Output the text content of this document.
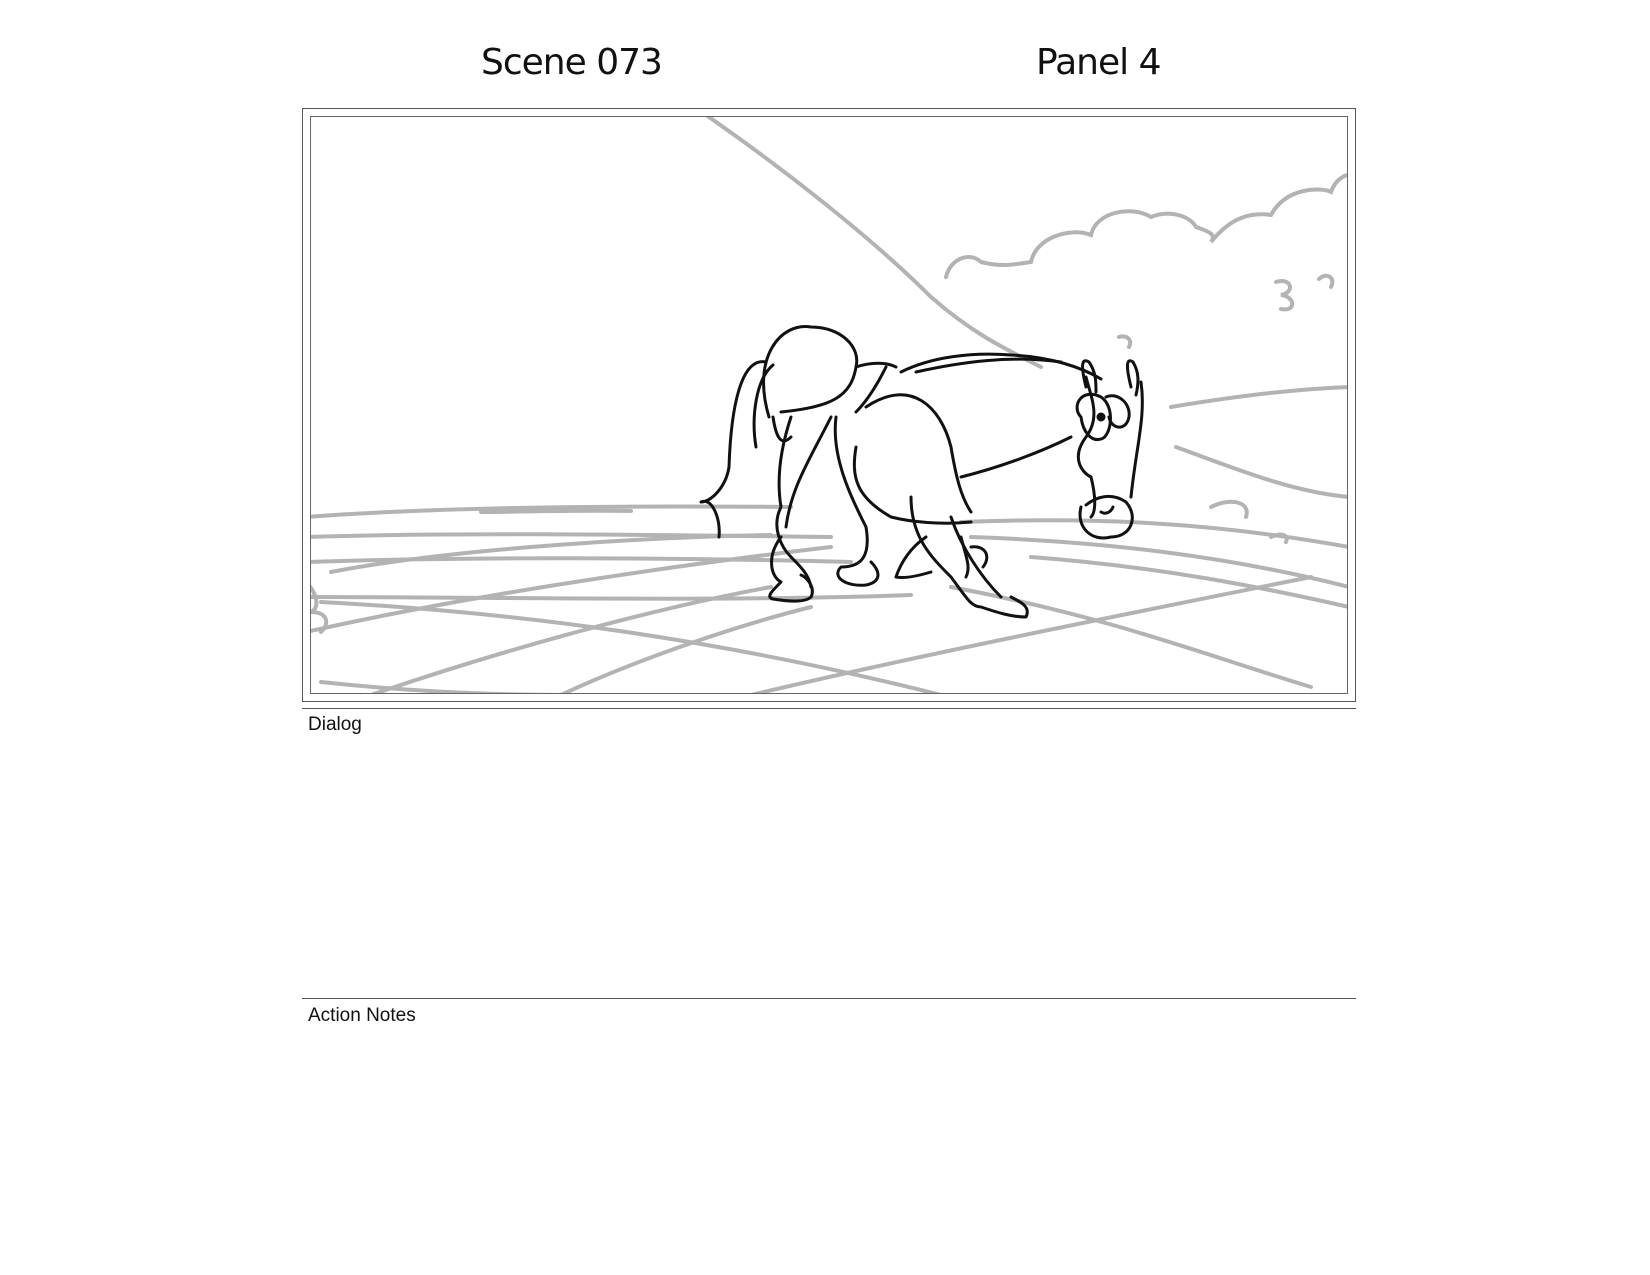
Scene 073	Panel 4
Dialog
Action Notes
